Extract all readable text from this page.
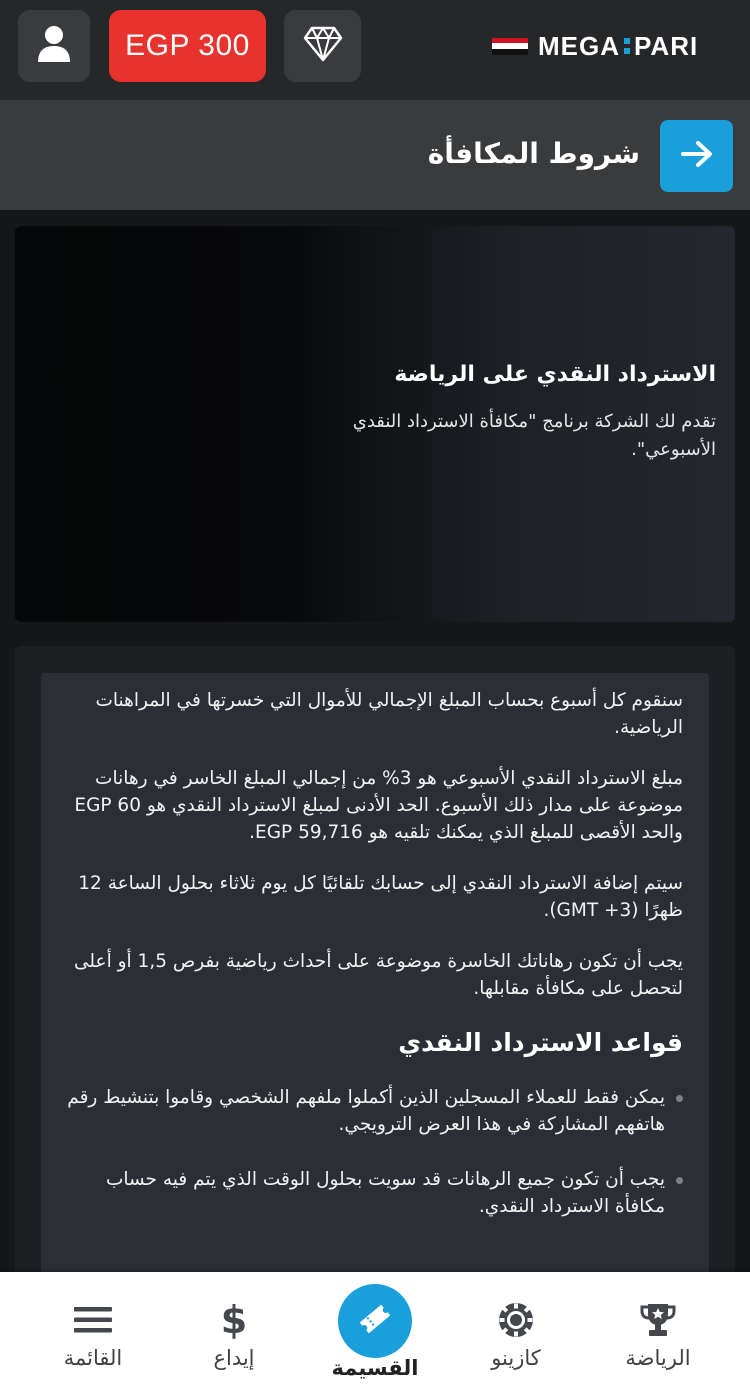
EGP 300	MEGA PARI
شروط المكافأة
الاسترداد النقدي على الرياضة
تقدم لك الشركة برنامج "مكافأة الاسترداد النقدي الأسبوعي".

سنقوم كل أسبوع بحساب المبلغ الإجمالي للأموال التي خسرتها في المراهنات الرياضية.

مبلغ الاسترداد النقدي الأسبوعي هو 3% من إجمالي المبلغ الخاسر في رهانات موضوعة على مدار ذلك الأسبوع. الحد الأدنى لمبلغ الاسترداد النقدي هو EGP 60 والحد الأقصى للمبلغ الذي يمكنك تلقيه هو EGP 59,716.

سيتم إضافة الاسترداد النقدي إلى حسابك تلقائيًا كل يوم ثلاثاء بحلول الساعة 12 ظهرًا (GMT +3).

يجب أن تكون رهاناتك الخاسرة موضوعة على أحداث رياضية بفرص 1,5 أو أعلى لتحصل على مكافأة مقابلها.

قواعد الاسترداد النقدي
يمكن فقط للعملاء المسجلين الذين أكملوا ملفهم الشخصي وقاموا بتنشيط رقم هاتفهم المشاركة في هذا العرض الترويجي.
يجب أن تكون جميع الرهانات قد سويت بحلول الوقت الذي يتم فيه حساب مكافأة الاسترداد النقدي.
الرياضة
كازينو
القسيمة
$
إيداع
القائمة
